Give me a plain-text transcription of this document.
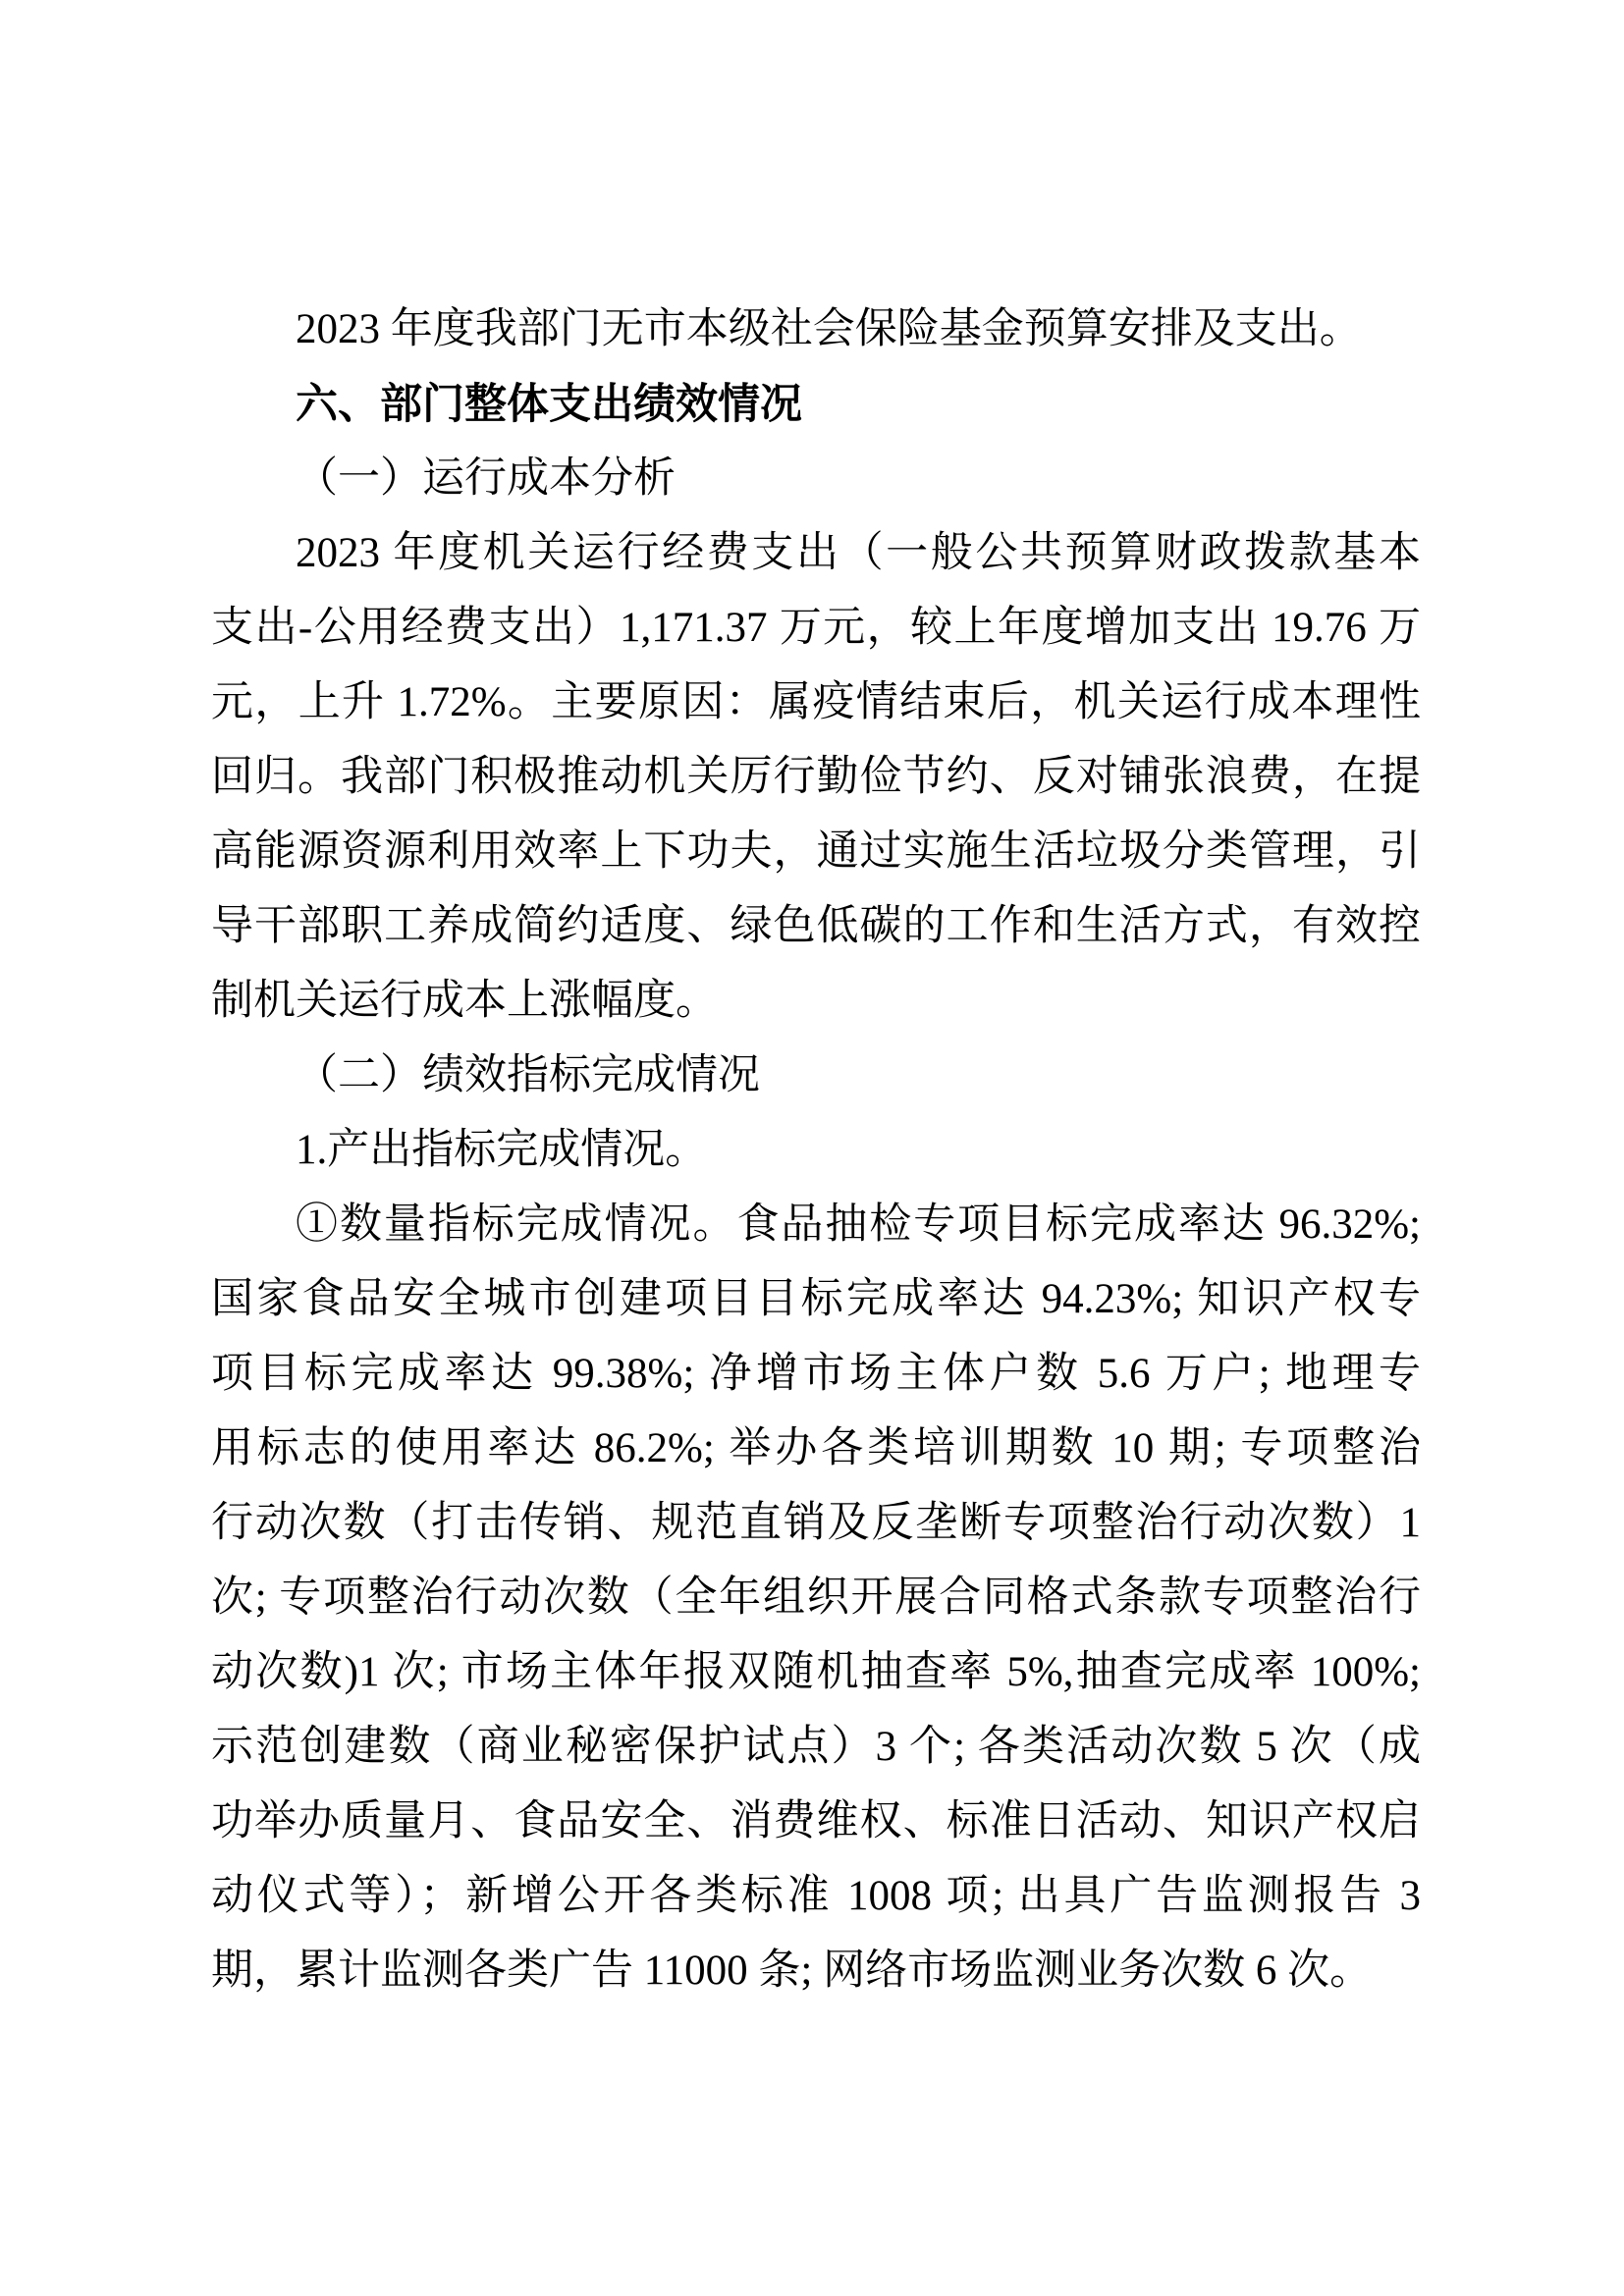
2023 年度我部门无市本级社会保险基金预算安排及支出。
六、部门整体支出绩效情况
（一）运行成本分析
2023 年度机关运行经费支出（一般公共预算财政拨款基本
支出-公用经费支出）1,171.37 万元，较上年度增加支出 19.76 万
元，上升 1.72%。主要原因：属疫情结束后，机关运行成本理性
回归。我部门积极推动机关厉行勤俭节约、反对铺张浪费，在提
高能源资源利用效率上下功夫，通过实施生活垃圾分类管理，引
导干部职工养成简约适度、绿色低碳的工作和生活方式，有效控
制机关运行成本上涨幅度。
（二）绩效指标完成情况
1.产出指标完成情况。
①数量指标完成情况。食品抽检专项目标完成率达 96.32%;
国家食品安全城市创建项目目标完成率达 94.23%; 知识产权专
项目标完成率达 99.38%; 净增市场主体户数 5.6 万户; 地理专
用标志的使用率达 86.2%; 举办各类培训期数 10 期; 专项整治
行动次数（打击传销、规范直销及反垄断专项整治行动次数）1
次; 专项整治行动次数（全年组织开展合同格式条款专项整治行
动次数)1 次; 市场主体年报双随机抽查率 5%,抽查完成率 100%;
示范创建数（商业秘密保护试点）3 个; 各类活动次数 5 次（成
功举办质量月、食品安全、消费维权、标准日活动、知识产权启
动仪式等）；新增公开各类标准 1008 项; 出具广告监测报告 3
期，累计监测各类广告 11000 条; 网络市场监测业务次数 6 次。
